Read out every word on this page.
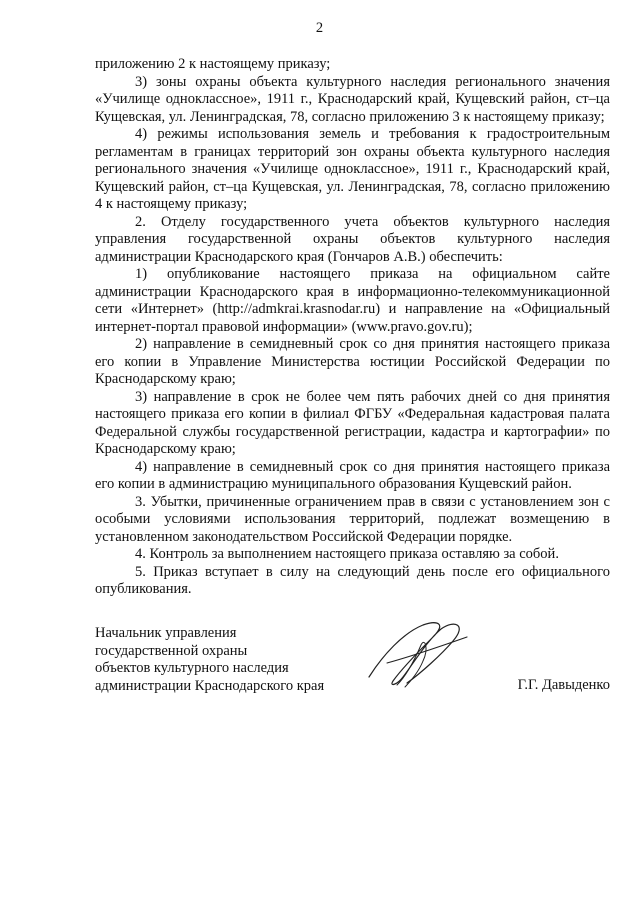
2

приложению 2 к настоящему приказу;

3) зоны охраны объекта культурного наследия регионального значения «Училище одноклассное», 1911 г., Краснодарский край, Кущевский район, ст–ца Кущевская, ул. Ленинградская, 78, согласно приложению 3 к настоящему приказу;

4) режимы использования земель и требования к градостроительным регламентам в границах территорий зон охраны объекта культурного наследия регионального значения «Училище одноклассное», 1911 г., Краснодарский край, Кущевский район, ст–ца Кущевская, ул. Ленинградская, 78, согласно приложению 4 к настоящему приказу;

2. Отделу государственного учета объектов культурного наследия управления государственной охраны объектов культурного наследия администрации Краснодарского края (Гончаров А.В.) обеспечить:

1) опубликование настоящего приказа на официальном сайте администрации Краснодарского края в информационно-телекоммуникационной сети «Интернет» (http://admkrai.krasnodar.ru) и направление на «Официальный интернет-портал правовой информации» (www.pravo.gov.ru);

2) направление в семидневный срок со дня принятия настоящего приказа его копии в Управление Министерства юстиции Российской Федерации по Краснодарскому краю;

3) направление в срок не более чем пять рабочих дней со дня принятия настоящего приказа его копии в филиал ФГБУ «Федеральная кадастровая палата Федеральной службы государственной регистрации, кадастра и картографии» по Краснодарскому краю;

4) направление в семидневный срок со дня принятия настоящего приказа его копии в администрацию муниципального образования Кущевский район.

3. Убытки, причиненные ограничением прав в связи с установлением зон с особыми условиями использования территорий, подлежат возмещению в установленном законодательством Российской Федерации порядке.

4. Контроль за выполнением настоящего приказа оставляю за собой.

5. Приказ вступает в силу на следующий день после его официального опубликования.

Начальник управления
государственной охраны
объектов культурного наследия
администрации Краснодарского края	Г.Г. Давыденко
